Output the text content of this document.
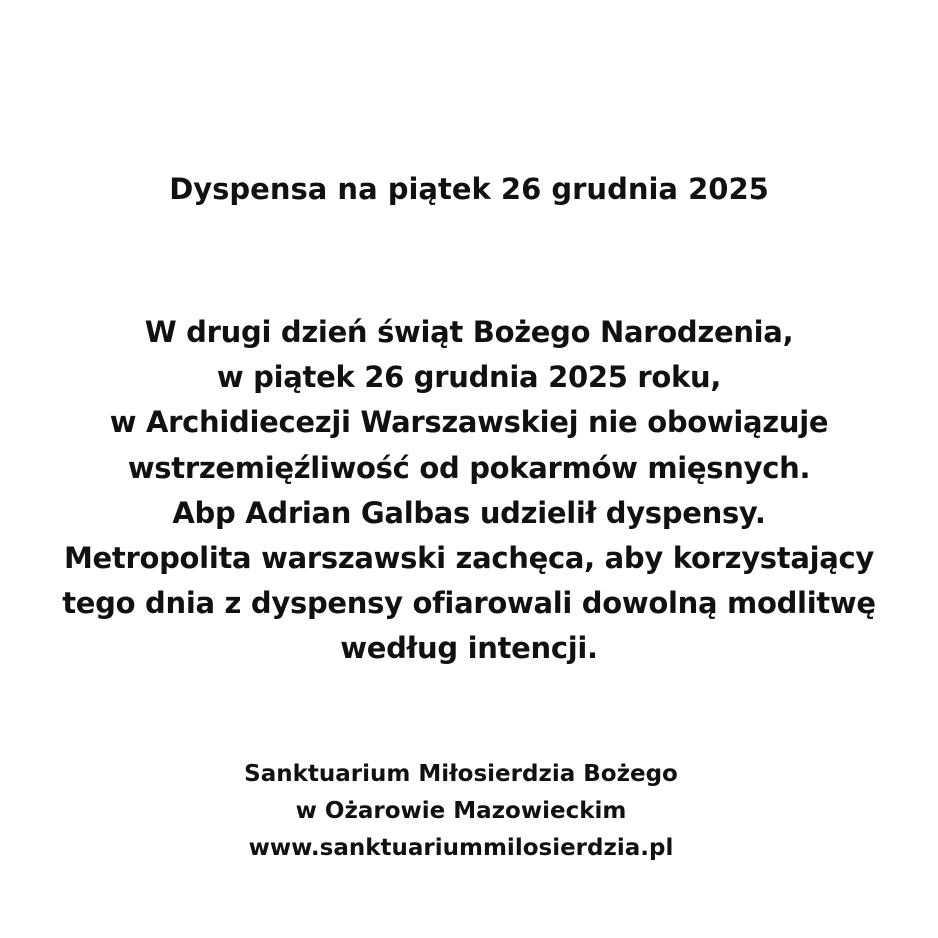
Dyspensa na piątek 26 grudnia 2025
W drugi dzień świąt Bożego Narodzenia,
w piątek 26 grudnia 2025 roku,
w Archidiecezji Warszawskiej nie obowiązuje
wstrzemięźliwość od pokarmów mięsnych.
Abp Adrian Galbas udzielił dyspensy.
Metropolita warszawski zachęca, aby korzystający
tego dnia z dyspensy ofiarowali dowolną modlitwę
według intencji.
Sanktuarium Miłosierdzia Bożego
w Ożarowie Mazowieckim
www.sanktuariummilosierdzia.pl
